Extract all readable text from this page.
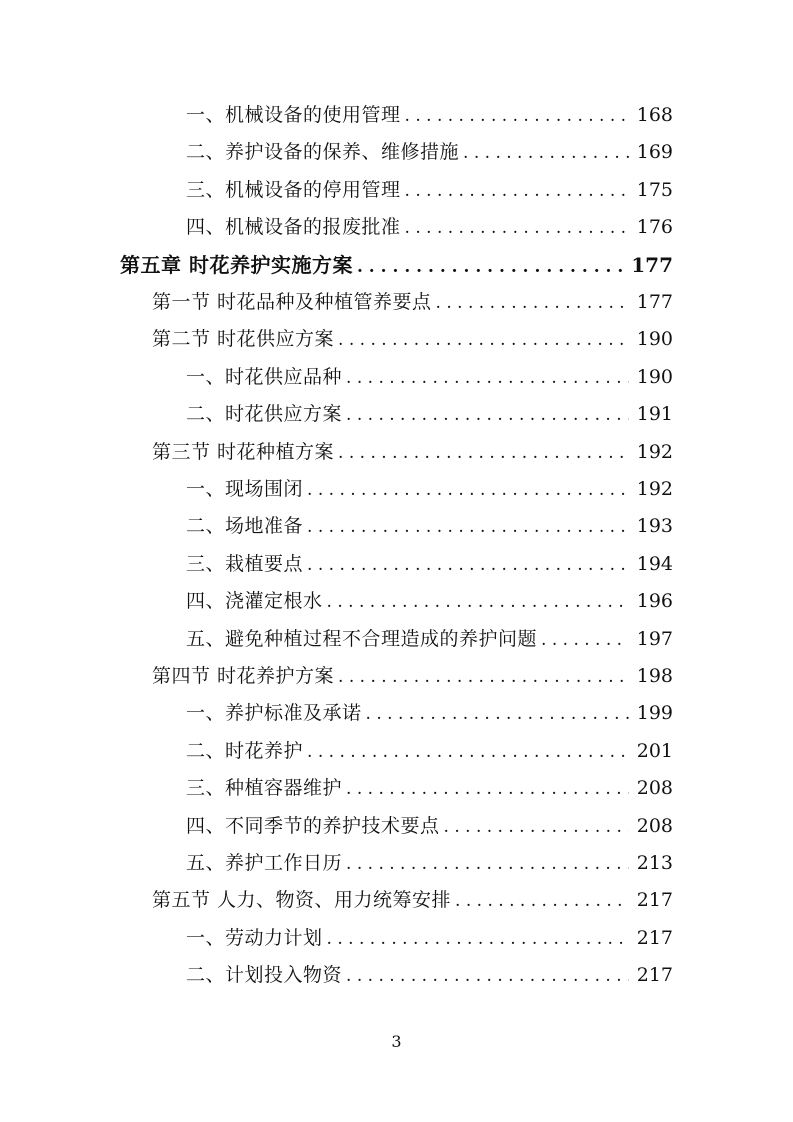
一、机械设备的使用管理 . . .	168
二、养护设备的保养、维修措施 . . .	169
三、机械设备的停用管理 . . .	175
四、机械设备的报废批准 . . .	176
第五章 时花养护实施方案 . . .	177
第一节 时花品种及种植管养要点 . . .	177
第二节 时花供应方案 . . .	190
一、时花供应品种 . . .	190
二、时花供应方案 . . .	191
第三节 时花种植方案 . . .	192
一、现场围闭 . . .	192
二、场地准备 . . .	193
三、栽植要点 . . .	194
四、浇灌定根水 . . .	196
五、避免种植过程不合理造成的养护问题 . . .	197
第四节 时花养护方案 . . .	198
一、养护标准及承诺 . . .	199
二、时花养护 . . .	201
三、种植容器维护 . . .	208
四、不同季节的养护技术要点 . . .	208
五、养护工作日历 . . .	213
第五节 人力、物资、用力统筹安排 . . .	217
一、劳动力计划 . . .	217
二、计划投入物资 . . .	217
3
